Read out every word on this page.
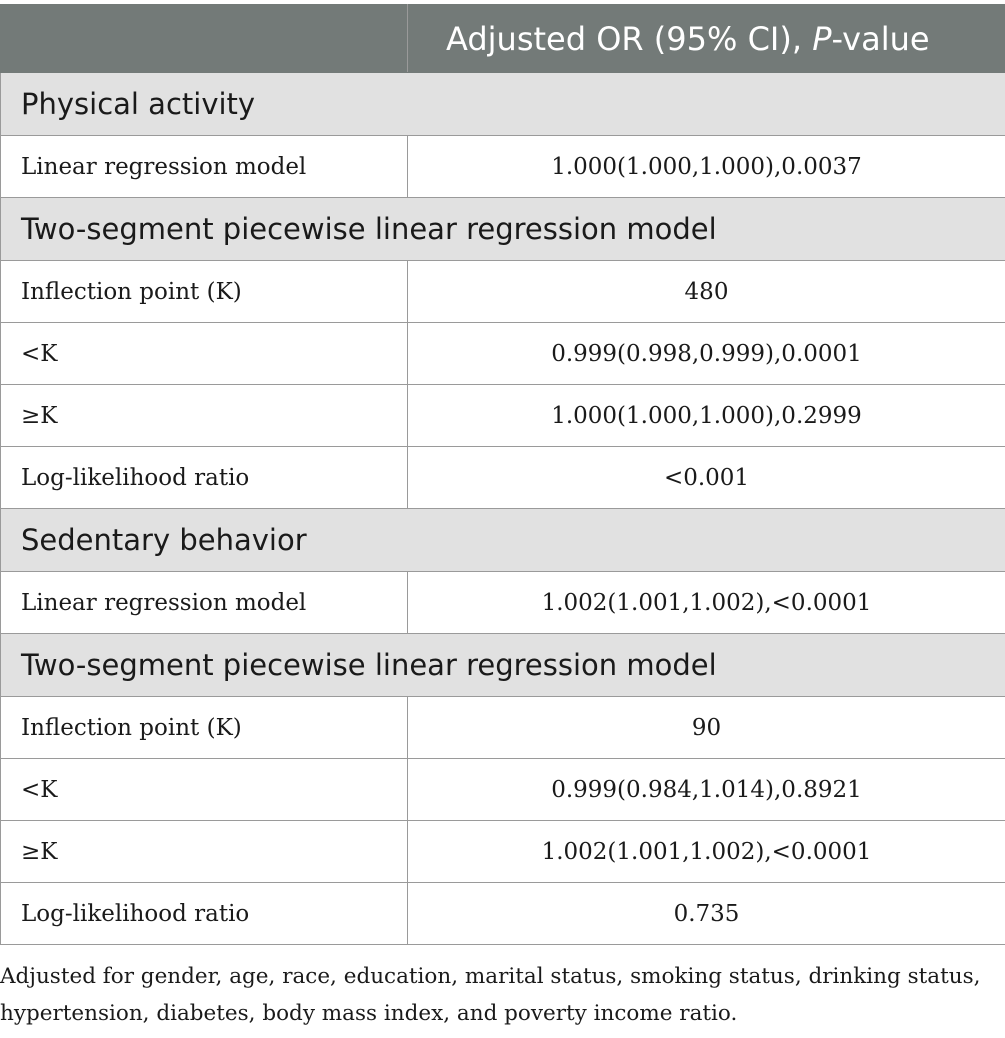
	Adjusted OR (95% CI), P-value
Physical activity	
Linear regression model	1.000(1.000,1.000),0.0037
Two-segment piecewise linear regression model	
Inflection point (K)	480
<K	0.999(0.998,0.999),0.0001
≥K	1.000(1.000,1.000),0.2999
Log-likelihood ratio	<0.001
Sedentary behavior	
Linear regression model	1.002(1.001,1.002),<0.0001
Two-segment piecewise linear regression model	
Inflection point (K)	90
<K	0.999(0.984,1.014),0.8921
≥K	1.002(1.001,1.002),<0.0001
Log-likelihood ratio	0.735
Adjusted for gender, age, race, education, marital status, smoking status, drinking status,
hypertension, diabetes, body mass index, and poverty income ratio.
